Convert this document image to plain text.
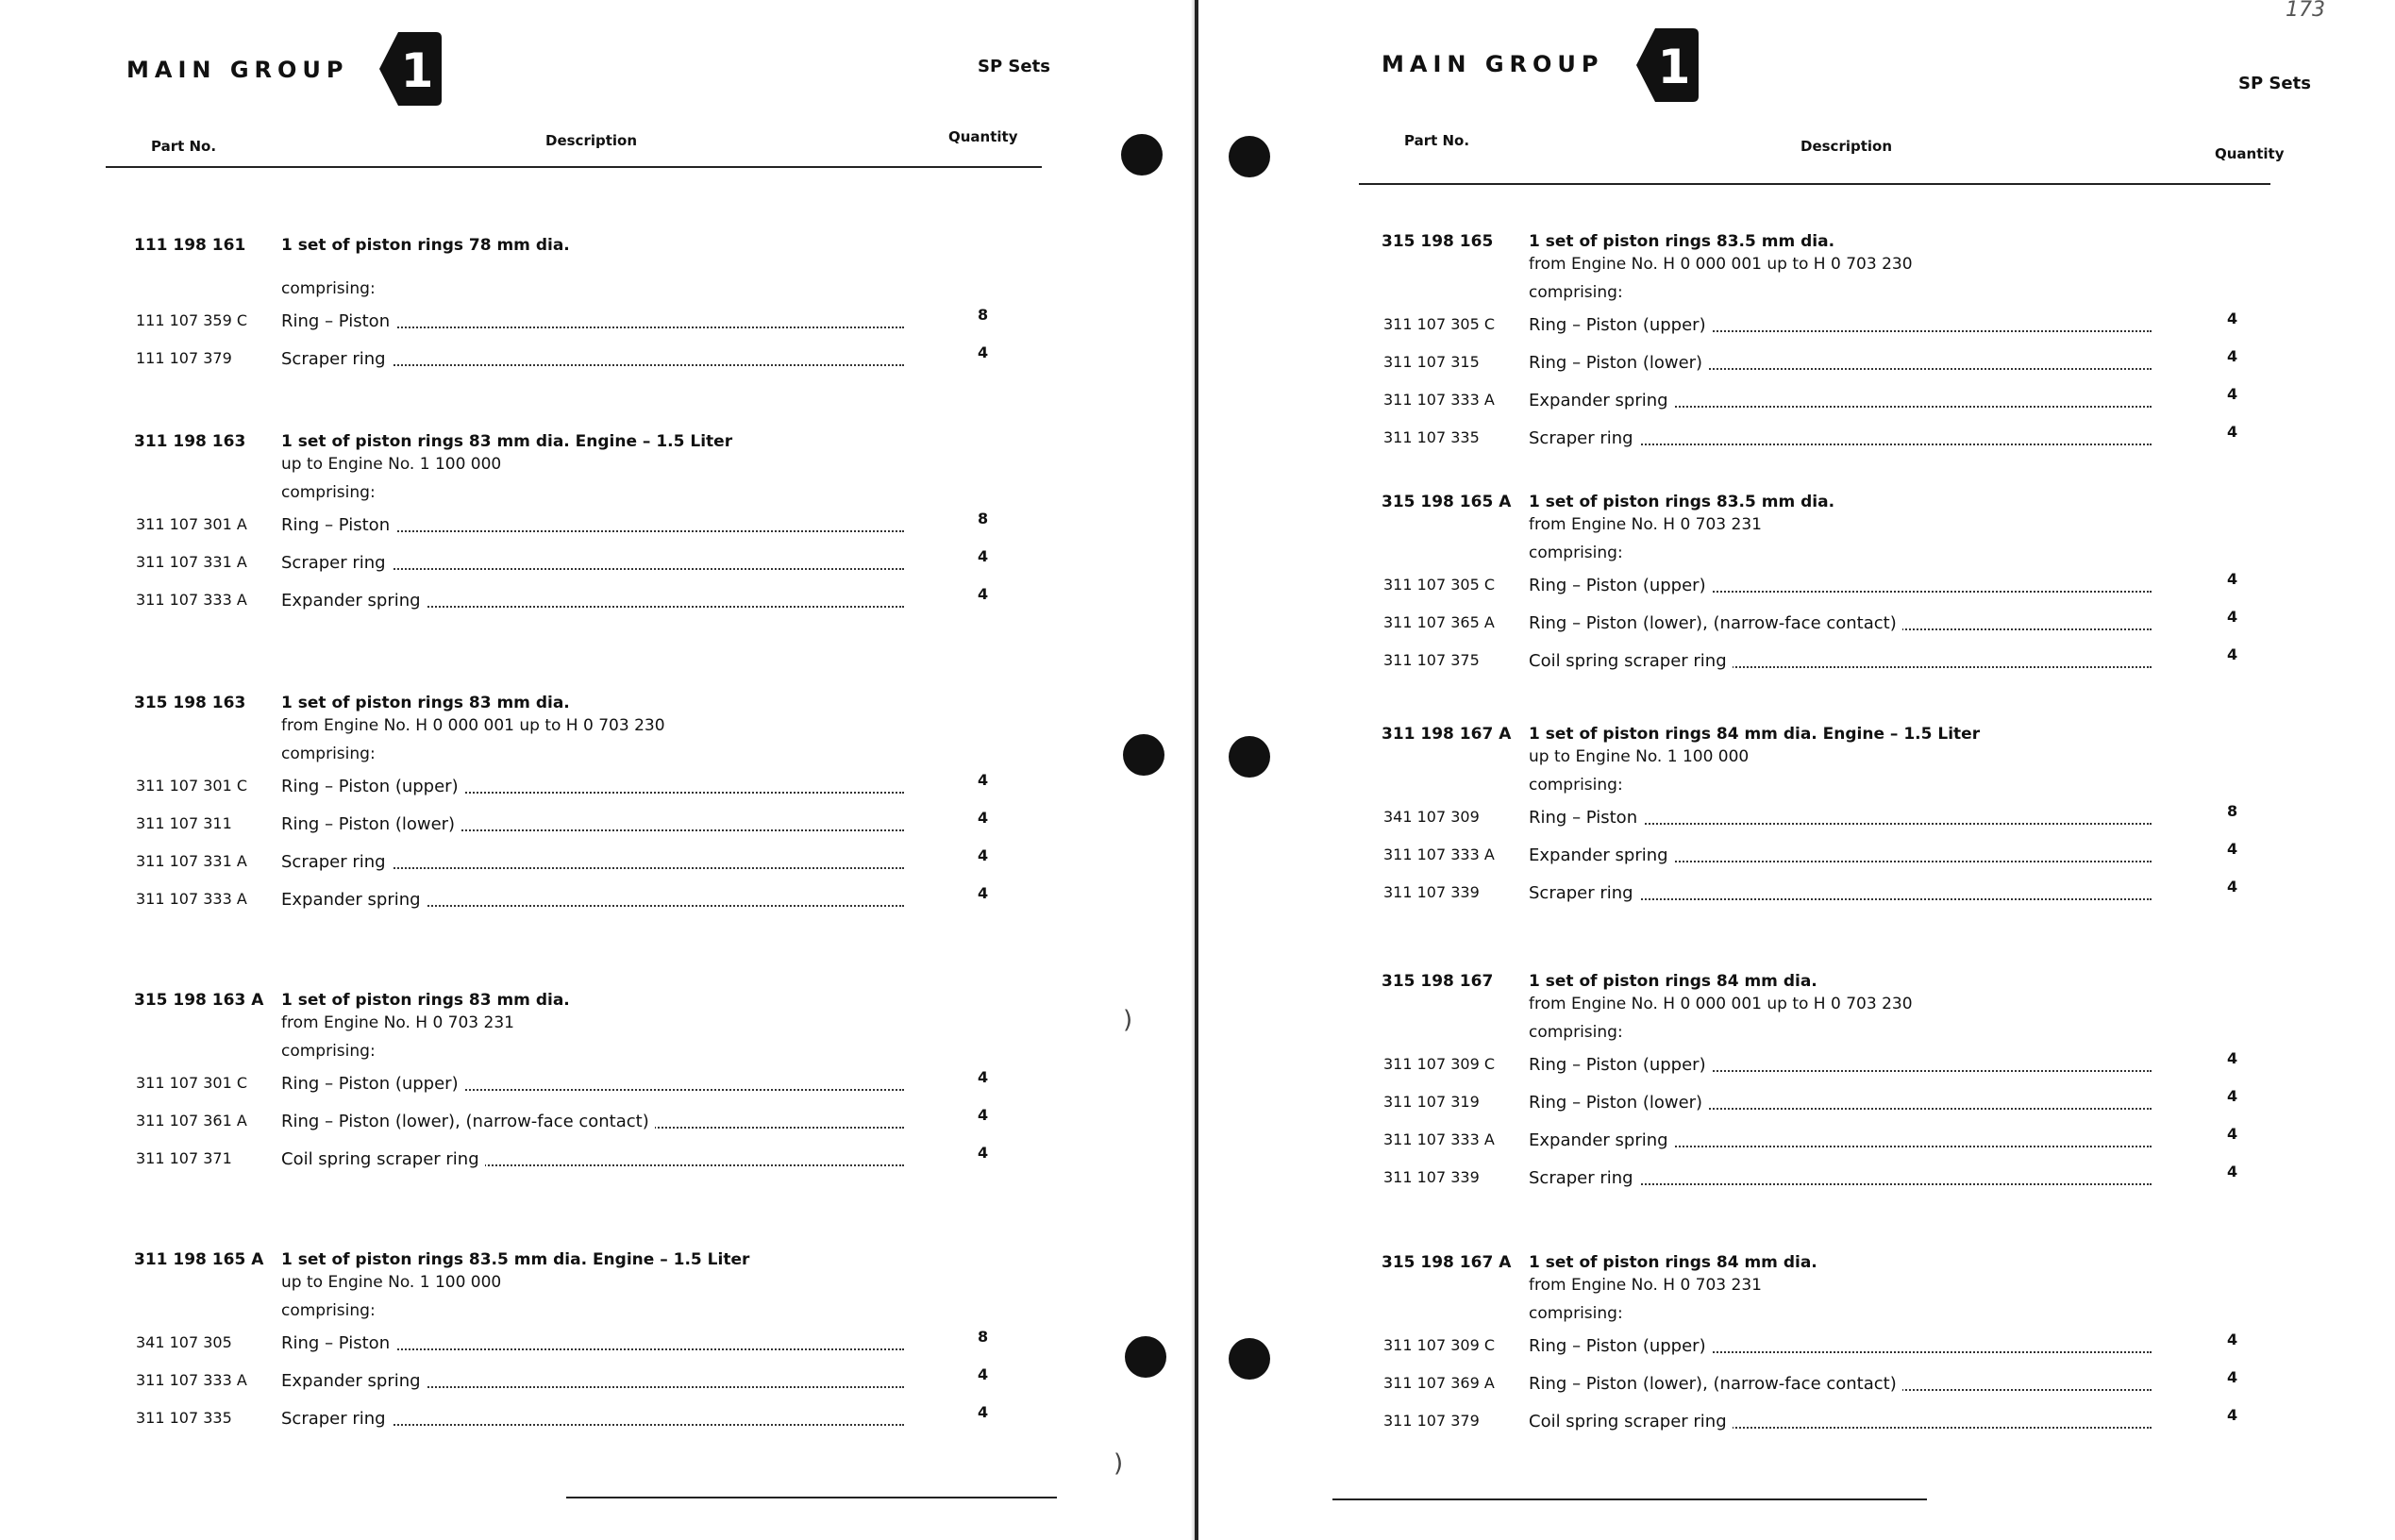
MAIN GROUP 1	SP Sets
Part No.	Description	Quantity
111 198 161 1 set of piston rings 78 mm dia.
comprising:
111 107 359 C Ring – Piston	8
111 107 379	Scraper ring	4
311 198 163 1 set of piston rings 83 mm dia. Engine – 1.5 Liter
up to Engine No. 1 100 000
comprising:
311 107 301 A Ring – Piston	8
311 107 331 A Scraper ring	4
311 107 333 A Expander spring	4
315 198 163 1 set of piston rings 83 mm dia.
from Engine No. H 0 000 001 up to H 0 703 230
comprising:
311 107 301 C Ring – Piston (upper)	4
311 107 311	Ring – Piston (lower)	4
311 107 331 A Scraper ring	4
311 107 333 A Expander spring	4
315 198 163 A 1 set of piston rings 83 mm dia.
from Engine No. H 0 703 231
comprising:
311 107 301 C Ring – Piston (upper)	4
311 107 361 A Ring – Piston (lower), (narrow-face contact)	4
311 107 371	Coil spring scraper ring	4
311 198 165 A 1 set of piston rings 83.5 mm dia. Engine – 1.5 Liter
up to Engine No. 1 100 000
comprising:
341 107 305	Ring – Piston	8
311 107 333 A Expander spring	4
311 107 335	Scraper ring	4
)
)
MAIN GROUP 1	SP Sets
173
Part No.	Description	Quantity
315 198 165 1 set of piston rings 83.5 mm dia.
from Engine No. H 0 000 001 up to H 0 703 230
comprising:
311 107 305 C Ring – Piston (upper)	4
311 107 315	Ring – Piston (lower)	4
311 107 333 A Expander spring	4
311 107 335	Scraper ring	4
315 198 165 A 1 set of piston rings 83.5 mm dia.
from Engine No. H 0 703 231
comprising:
311 107 305 C Ring – Piston (upper)	4
311 107 365 A Ring – Piston (lower), (narrow-face contact)	4
311 107 375	Coil spring scraper ring	4
311 198 167 A 1 set of piston rings 84 mm dia. Engine – 1.5 Liter
up to Engine No. 1 100 000
comprising:
341 107 309	Ring – Piston	8
311 107 333 A Expander spring	4
311 107 339	Scraper ring	4
315 198 167 1 set of piston rings 84 mm dia.
from Engine No. H 0 000 001 up to H 0 703 230
comprising:
311 107 309 C Ring – Piston (upper)	4
311 107 319	Ring – Piston (lower)	4
311 107 333 A Expander spring	4
311 107 339	Scraper ring	4
315 198 167 A 1 set of piston rings 84 mm dia.
from Engine No. H 0 703 231
comprising:
311 107 309 C Ring – Piston (upper)	4
311 107 369 A Ring – Piston (lower), (narrow-face contact)	4
311 107 379	Coil spring scraper ring	4
